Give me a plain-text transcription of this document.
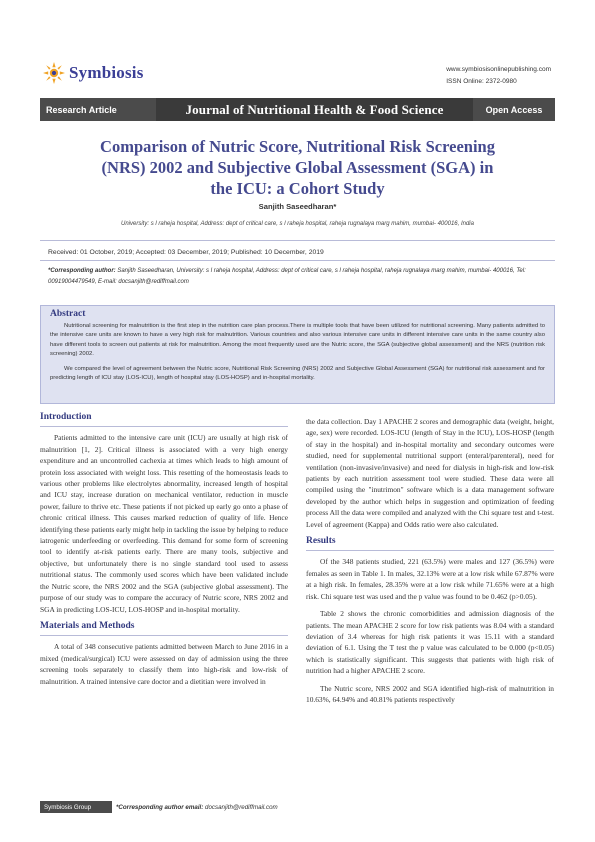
Symbiosis	www.symbiosisonlinepublishing.com
ISSN Online: 2372-0980
Research Article	Journal of Nutritional Health & Food Science	Open Access
Comparison of Nutric Score, Nutritional Risk Screening
(NRS) 2002 and Subjective Global Assessment (SGA) in
the ICU: a Cohort Study
Sanjith Saseedharan*
University: s l raheja hospital, Address: dept of critical care, s l raheja hospital, raheja rugnalaya marg mahim, mumbai- 400016, India
Received: 01 October, 2019; Accepted: 03 December, 2019; Published: 10 December, 2019
*Corresponding author: Sanjith Saseedharan, University: s l raheja hospital, Address: dept of critical care, s l raheja hospital, raheja rugnalaya marg mahim, mumbai- 400016, Tel: 00919004479549, E-mail: docsanjith@rediffmail.com
Abstract

Nutritional screening for malnutrition is the first step in the nutrition care plan process.There is multiple tools that have been utilized for nutritional screening. Many patients admitted to the intensive care units are known to have a very high risk for malnutrition. Various countries and also various intensive care units in different intensive care units in the same country also have different tools to screen out patients at risk for malnutrition. Among the most frequently used are the Nutric score, the SGA (subjective global assessment) and the NRS (nutrition risk screening) 2002.

We compared the level of agreement between the Nutric score, Nutritional Risk Screening (NRS) 2002 and Subjective Global Assessment (SGA) for nutritional risk assessment and for predicting length of ICU stay (LOS-ICU), length of hospital stay (LOS-HOSP) and in-hospital mortality.

Introduction

Patients admitted to the intensive care unit (ICU) are usually at high risk of malnutrition [1, 2]. Critical illness is associated with a very high energy expenditure and an uncontrolled cachexia at times which leads to high amount of protein loss associated with weight loss. This resetting of the homeostasis leads to various other problems like electrolytes abnormality, increased length of hospital and ICU stay, increase duration on mechanical ventilator, reduction in muscle power, failure to thrive etc. These patients if not picked up early go onto a phase of chronic critical illness. This causes marked reduction of quality of life. Hence identifying these patients early might help in tackling the issue by helping to reduce iatrogenic underfeeding or overfeeding. This demand for some form of screening tool to identify at-risk patients early. There are many tools, subjective and objective, but unfortunately there is no single standard tool used to assess nutritional status. The commonly used scores which have been validated include the Nutric score, the NRS 2002 and the SGA (subjective global assessment). The purpose of our study was to compare the accuracy of Nutric score, NRS 2002 and SGA in predicting LOS-ICU, LOS-HOSP and in-hospital mortality.

Materials and Methods

A total of 348 consecutive patients admitted between March to June 2016 in a mixed (medical/surgical) ICU were assessed on day of admission using the three screening tools separately to classify them into high-risk and low-risk of malnutrition. A trained intensive care doctor and a dietitian were involved in

the data collection. Day 1 APACHE 2 scores and demographic data (weight, height, age, sex) were recorded. LOS-ICU (length of Stay in the ICU), LOS-HOSP (length of stay in the hospital) and in-hospital mortality and secondary outcomes were studied, need for supplemental nutritional support (enteral/parenteral), need for ventilation (non-invasive/invasive) and need for dialysis in high-risk and low-risk patients by each nutrition assessment tool were studied. These data were all compiled using the "inutrimon" software which is a data management software developed by the author which helps in suggestion and optimization of feeding process All the data were compiled and analyzed with the Chi square test and t-test. Level of agreement (Kappa) and Odds ratio were also calculated.

Results

Of the 348 patients studied, 221 (63.5%) were males and 127 (36.5%) were females as seen in Table 1. In males, 32.13% were at a low risk while 67.87% were at a high risk. In females, 28.35% were at a low risk while 71.65% were at a high risk. Chi square test was used and the p value was found to be 0.462 (p>0.05).

Table 2 shows the chronic comorbidities and admission diagnosis of the patients. The mean APACHE 2 score for low risk patients was 8.04 with a standard deviation of 3.4 whereas for high risk patients it was 15.11 with a standard deviation of 6.1. Using the T test the p value was calculated to be 0.000 (p<0.05) which is statistically significant. This suggests that patients with high risk of nutrition had a higher APACHE 2 score.

The Nutric score, NRS 2002 and SGA identified high-risk of malnutrition in 10.63%, 64.94% and 40.81% patients respectively

Symbiosis Group	*Corresponding author email: docsanjith@rediffmail.com
